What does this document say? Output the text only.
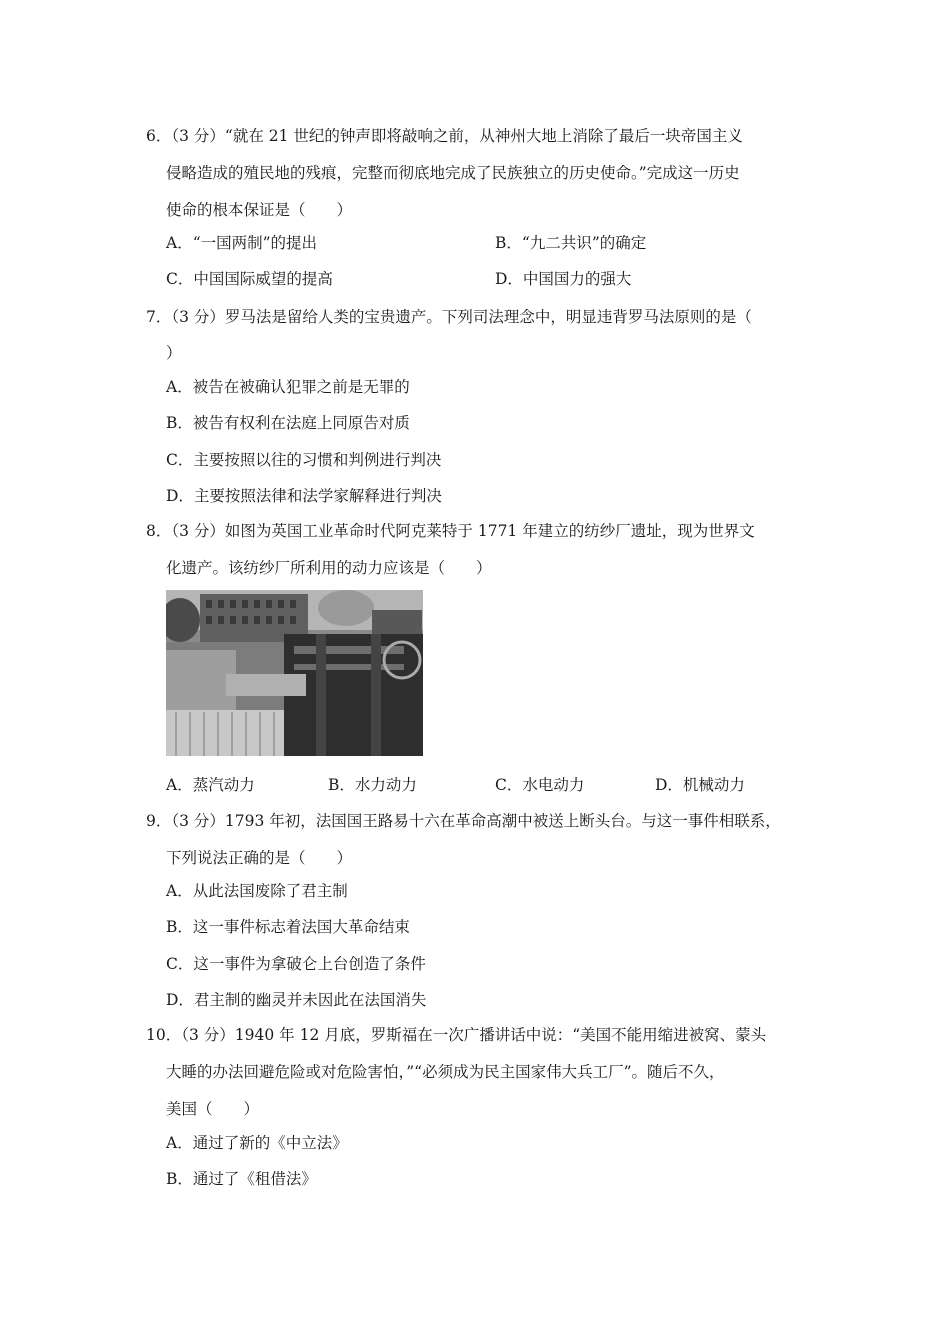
6．（3 分）“就在 21 世纪的钟声即将敲响之前，从神州大地上消除了最后一块帝国主义
侵略造成的殖民地的残痕，完整而彻底地完成了民族独立的历史使命。”完成这一历史
使命的根本保证是（　　）
A．“一国两制”的提出	B．“九二共识”的确定
C．中国国际威望的提高	D．中国国力的强大
7．（3 分）罗马法是留给人类的宝贵遗产。下列司法理念中，明显违背罗马法原则的是（
）
A．被告在被确认犯罪之前是无罪的
B．被告有权利在法庭上同原告对质
C．主要按照以往的习惯和判例进行判决
D．主要按照法律和法学家解释进行判决
8．（3 分）如图为英国工业革命时代阿克莱特于 1771 年建立的纺纱厂遗址，现为世界文
化遗产。该纺纱厂所利用的动力应该是（　　）
A．蒸汽动力	B．水力动力	C．水电动力	D．机械动力
9．（3 分）1793 年初，法国国王路易十六在革命高潮中被送上断头台。与这一事件相联系，
下列说法正确的是（　　）
A．从此法国废除了君主制
B．这一事件标志着法国大革命结束
C．这一事件为拿破仑上台创造了条件
D．君主制的幽灵并未因此在法国消失
10．（3 分）1940 年 12 月底，罗斯福在一次广播讲话中说：“美国不能用缩进被窝、蒙头
大睡的办法回避危险或对危险害怕，”“必须成为民主国家伟大兵工厂”。随后不久，
美国（　　）
A．通过了新的《中立法》
B．通过了《租借法》
